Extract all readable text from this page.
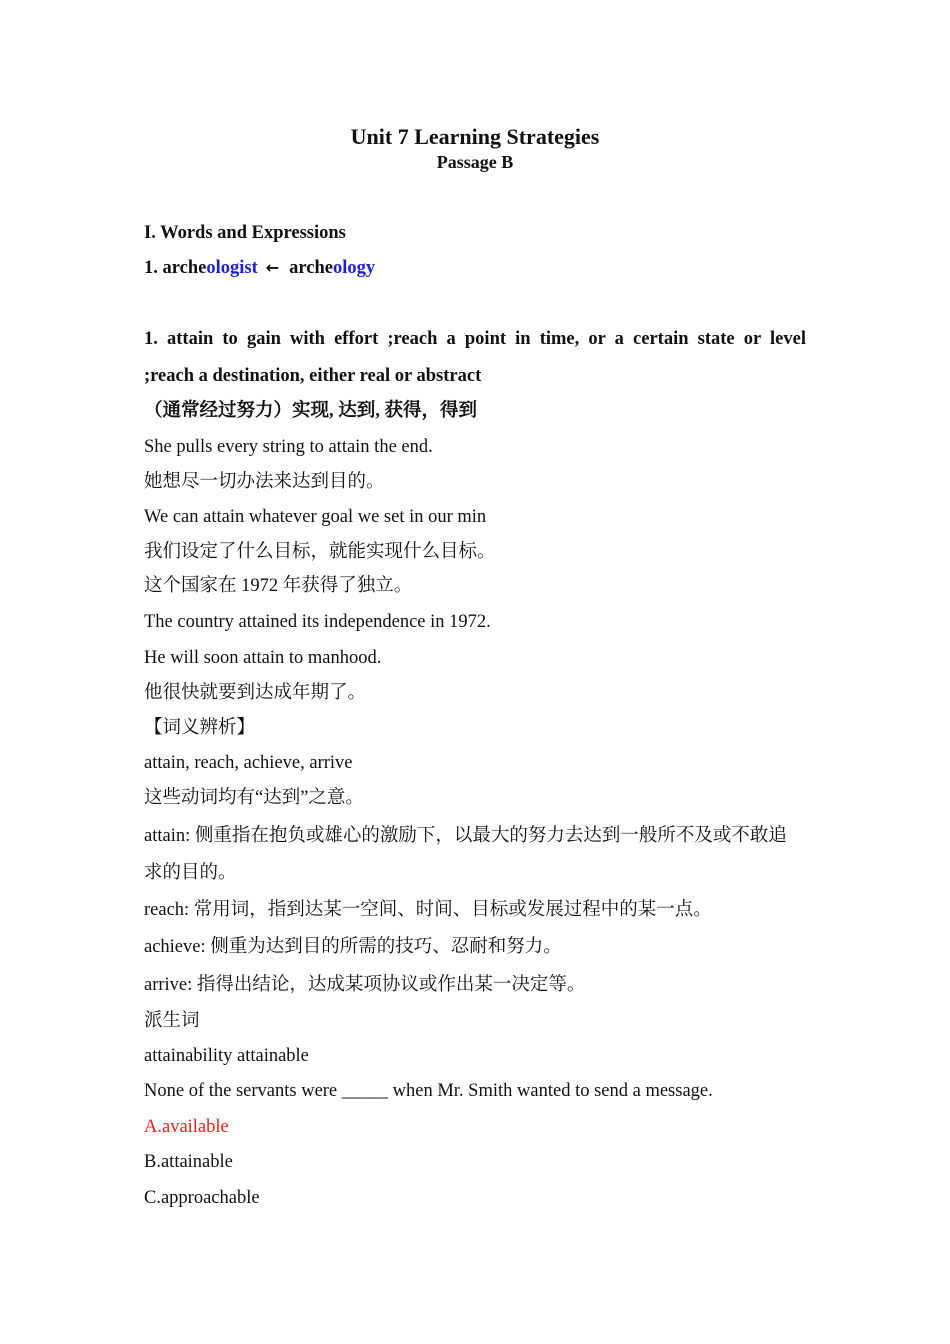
Unit 7 Learning Strategies
Passage B

I. Words and Expressions

1. archeologist ← archeology

1. attain to gain with effort ;reach a point in time, or a certain state or level

;reach a destination, either real or abstract

（通常经过努力）实现, 达到, 获得，得到

She pulls every string to attain the end.

她想尽一切办法来达到目的。

We can attain whatever goal we set in our min

我们设定了什么目标，就能实现什么目标。

这个国家在 1972 年获得了独立。

The country attained its independence in 1972.

He will soon attain to manhood.

他很快就要到达成年期了。

【词义辨析】

attain, reach, achieve, arrive

这些动词均有“达到”之意。

attain: 侧重指在抱负或雄心的激励下，以最大的努力去达到一般所不及或不敢追

求的目的。

reach: 常用词，指到达某一空间、时间、目标或发展过程中的某一点。

achieve: 侧重为达到目的所需的技巧、忍耐和努力。

arrive: 指得出结论，达成某项协议或作出某一决定等。

派生词

attainability attainable

None of the servants were _____ when Mr. Smith wanted to send a message.

A.available

B.attainable

C.approachable
